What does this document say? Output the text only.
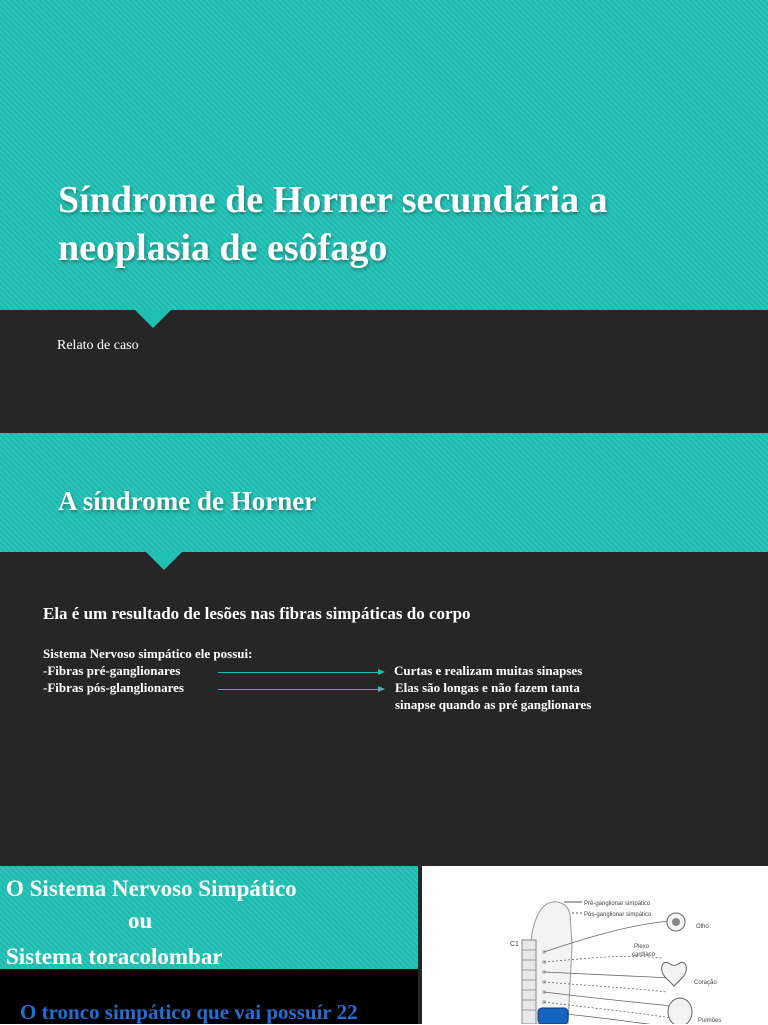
Síndrome de Horner secundária a
neoplasia de esôfago
Relato de caso
A síndrome de Horner
Ela é um resultado de lesões nas fibras simpáticas do corpo
Sistema Nervoso simpático ele possui:
-Fibras pré-ganglionares	Curtas e realizam muitas sinapses
-Fibras pós-glanglionares	Elas são longas e não fazem tanta
sinapse quando as pré ganglionares
O Sistema Nervoso Simpático
ou
Sistema toracolombar
O tronco simpático que vai possuír 22
Pré-ganglionar simpático
Pós-ganglionar simpático
C1
Olho
Plexo
cardíaco
Coração
Pulmões
